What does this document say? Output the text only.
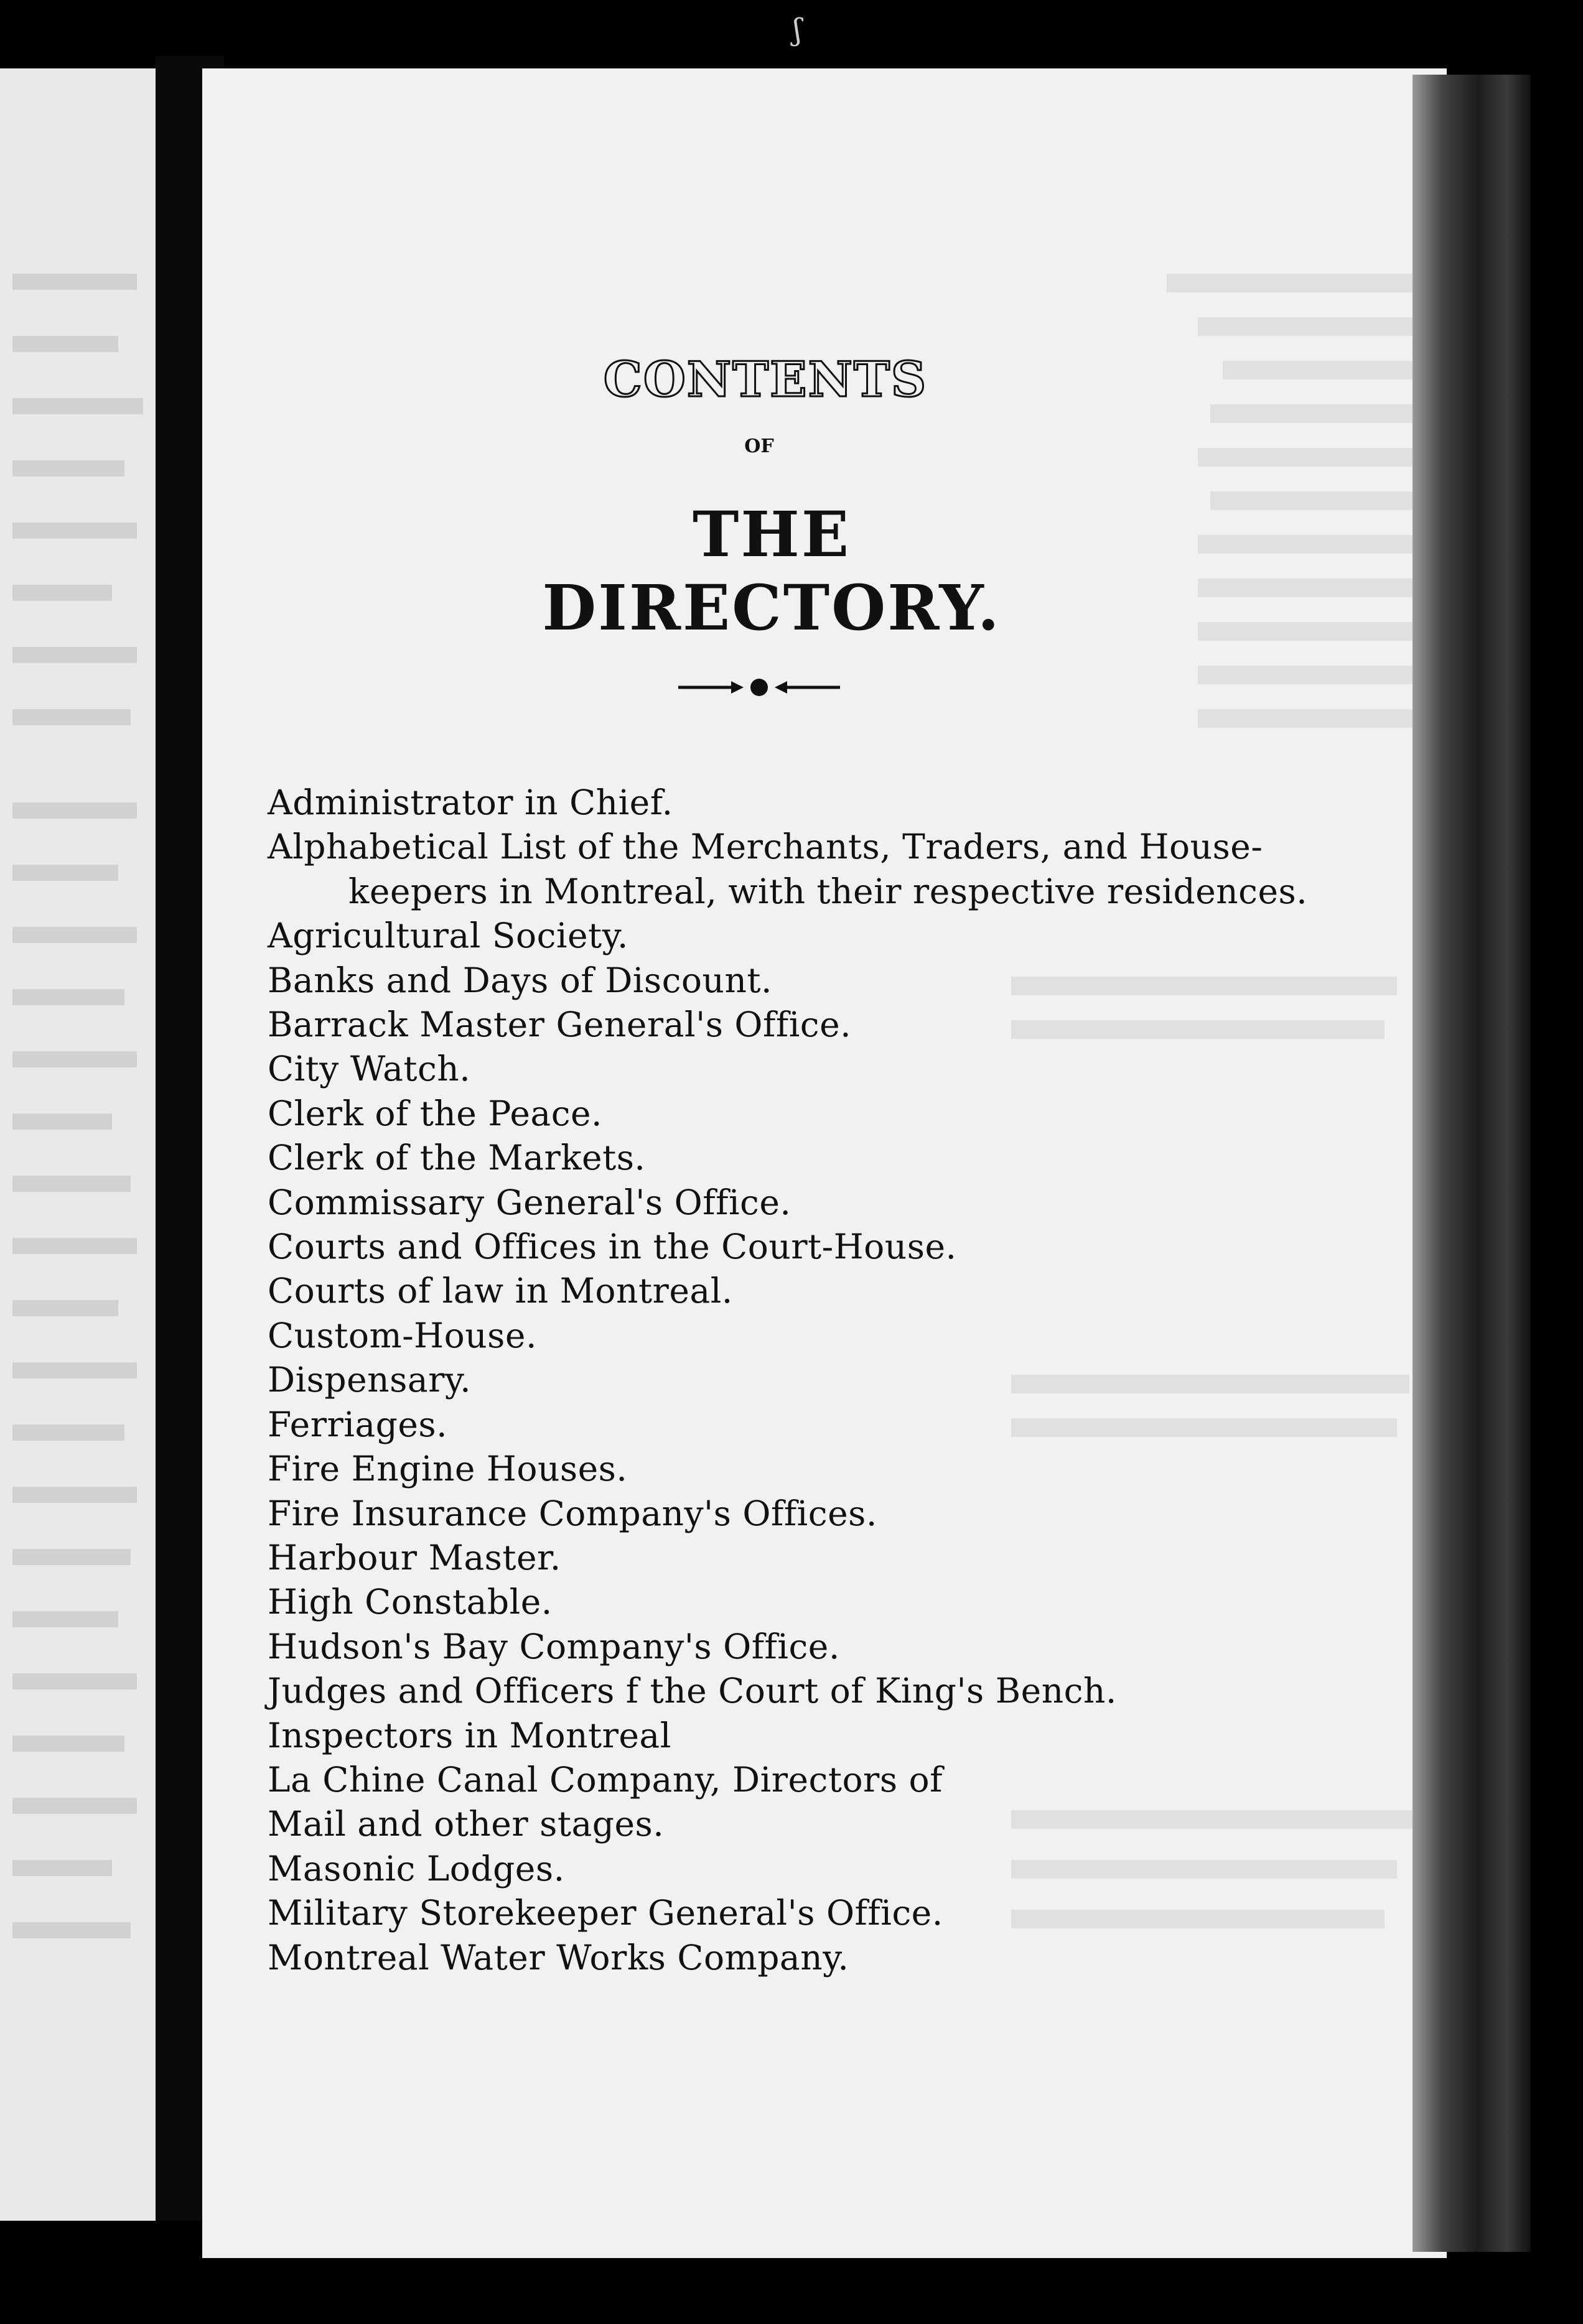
ʃ
CONTENTS
OF
THE DIRECTORY.
Administrator in Chief.
Alphabetical List of the Merchants, Traders, and House-keepers in Montreal, with their respective residences.
Agricultural Society.
Banks and Days of Discount.
Barrack Master General's Office.
City Watch.
Clerk of the Peace.
Clerk of the Markets.
Commissary General's Office.
Courts and Offices in the Court-House.
Courts of law in Montreal.
Custom-House.
Dispensary.
Ferriages.
Fire Engine Houses.
Fire Insurance Company's Offices.
Harbour Master.
High Constable.
Hudson's Bay Company's Office.
Judges and Officers f the Court of King's Bench.
Inspectors in Montreal
La Chine Canal Company, Directors of
Mail and other stages.
Masonic Lodges.
Military Storekeeper General's Office.
Montreal Water Works Company.
